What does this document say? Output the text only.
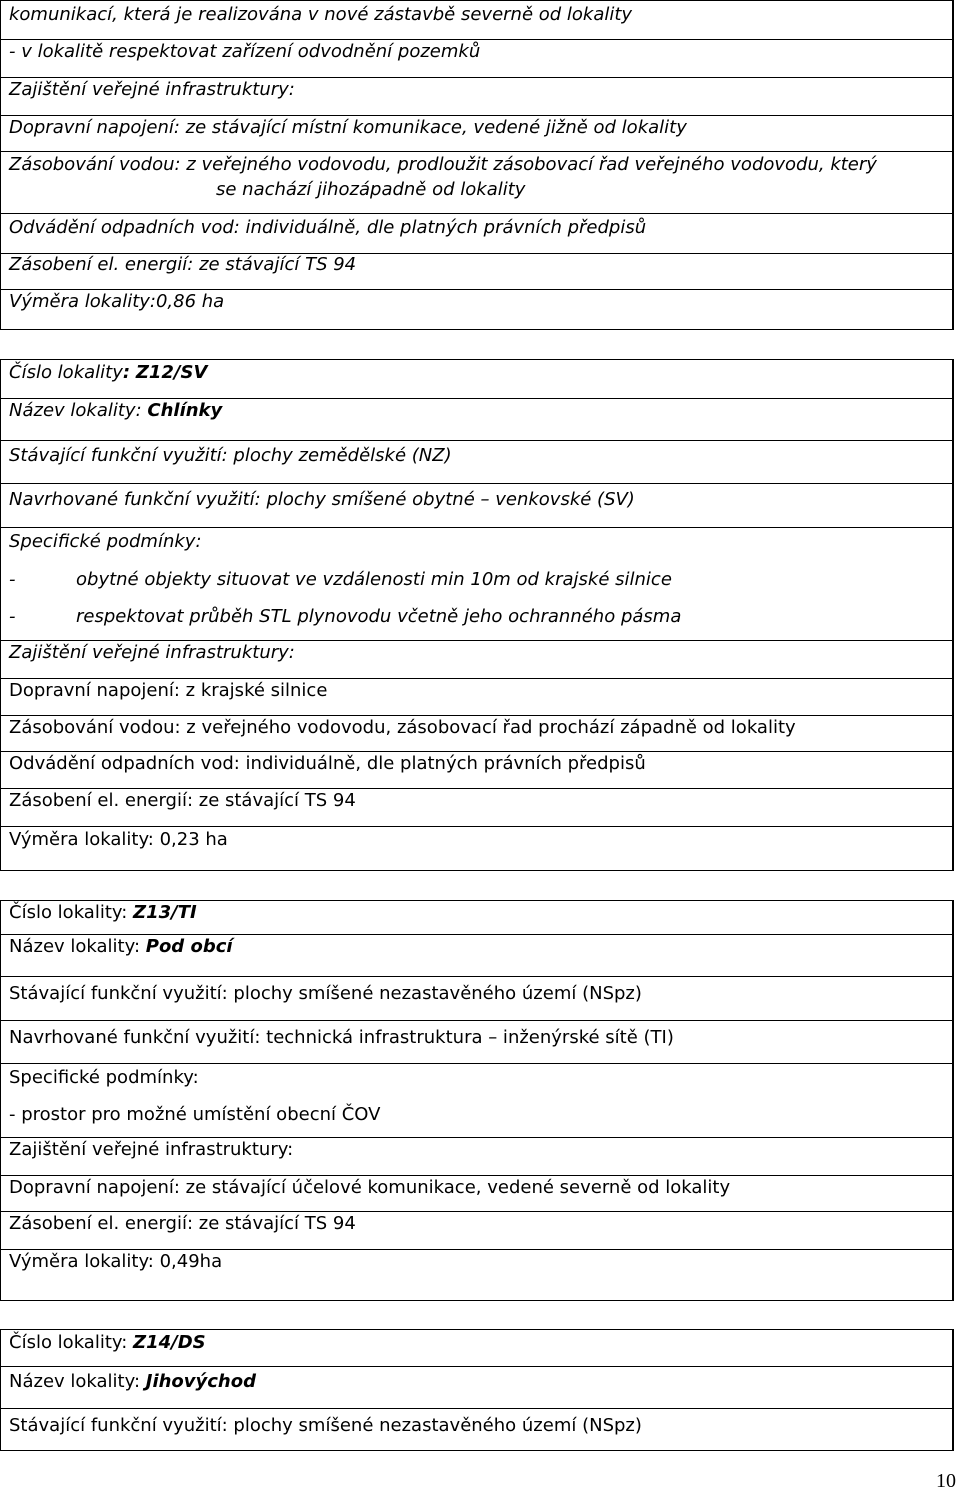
komunikací, která je realizována v nové zástavbě severně od lokality
- v lokalitě respektovat zařízení odvodnění pozemků
Zajištění veřejné infrastruktury:
Dopravní napojení: ze stávající místní komunikace, vedené jižně od lokality
Zásobování vodou: z veřejného vodovodu, prodloužit zásobovací řad veřejného vodovodu, který
se nachází jihozápadně od lokality
Odvádění odpadních vod: individuálně, dle platných právních předpisů
Zásobení el. energií: ze stávající TS 94
Výměra lokality:0,86 ha
Číslo lokality: Z12/SV
Název lokality: Chlínky
Stávající funkční využití: plochy zemědělské (NZ)
Navrhované funkční využití: plochy smíšené obytné – venkovské (SV)
Specifické podmínky:
-	obytné objekty situovat ve vzdálenosti min 10m od krajské silnice
-	respektovat průběh STL plynovodu včetně jeho ochranného pásma
Zajištění veřejné infrastruktury:
Dopravní napojení: z krajské silnice
Zásobování vodou: z veřejného vodovodu, zásobovací řad prochází západně od lokality
Odvádění odpadních vod: individuálně, dle platných právních předpisů
Zásobení el. energií: ze stávající TS 94
Výměra lokality: 0,23 ha
Číslo lokality: Z13/TI
Název lokality: Pod obcí
Stávající funkční využití: plochy smíšené nezastavěného území (NSpz)
Navrhované funkční využití: technická infrastruktura – inženýrské sítě (TI)
Specifické podmínky:
- prostor pro možné umístění obecní ČOV
Zajištění veřejné infrastruktury:
Dopravní napojení: ze stávající účelové komunikace, vedené severně od lokality
Zásobení el. energií: ze stávající TS 94
Výměra lokality: 0,49ha
Číslo lokality: Z14/DS
Název lokality: Jihovýchod
Stávající funkční využití: plochy smíšené nezastavěného území (NSpz)
10
